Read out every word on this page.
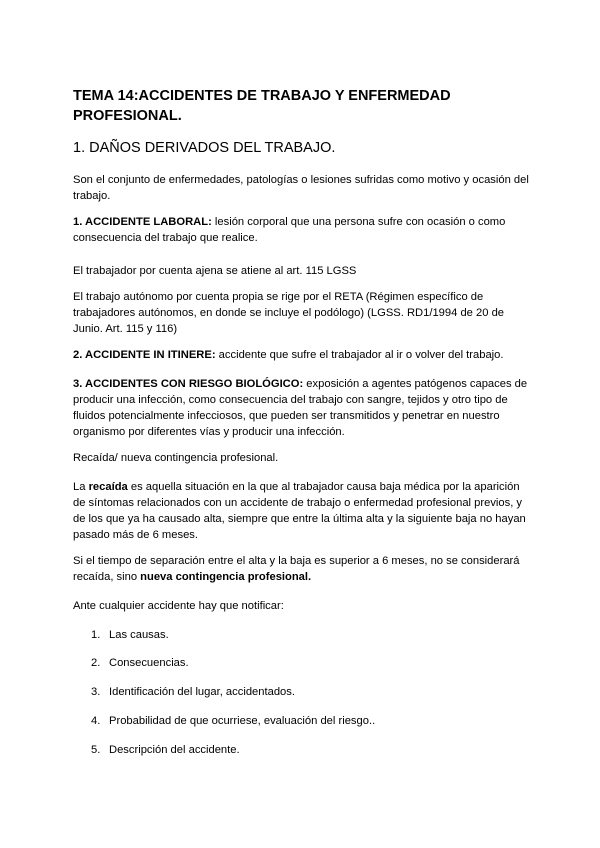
TEMA 14:ACCIDENTES DE TRABAJO Y ENFERMEDAD PROFESIONAL.
1. DAÑOS DERIVADOS DEL TRABAJO.

Son el conjunto de enfermedades, patologías o lesiones sufridas como motivo y ocasión del trabajo.

1. ACCIDENTE LABORAL: lesión corporal que una persona sufre con ocasión o como consecuencia del trabajo que realice.

El trabajador por cuenta ajena se atiene al art. 115 LGSS

El trabajo autónomo por cuenta propia se rige por el RETA (Régimen específico de trabajadores autónomos, en donde se incluye el podólogo) (LGSS. RD1/1994 de 20 de Junio. Art. 115 y 116)

2. ACCIDENTE IN ITINERE: accidente que sufre el trabajador al ir o volver del trabajo.

3. ACCIDENTES CON RIESGO BIOLÓGICO: exposición a agentes patógenos capaces de producir una infección, como consecuencia del trabajo con sangre, tejidos y otro tipo de fluidos potencialmente infecciosos, que pueden ser transmitidos y penetrar en nuestro organismo por diferentes vías y producir una infección.

Recaída/ nueva contingencia profesional.

La recaída es aquella situación en la que al trabajador causa baja médica por la aparición de síntomas relacionados con un accidente de trabajo o enfermedad profesional previos, y de los que ya ha causado alta, siempre que entre la última alta y la siguiente baja no hayan pasado más de 6 meses.

Si el tiempo de separación entre el alta y la baja es superior a 6 meses, no se considerará recaída, sino nueva contingencia profesional.

Ante cualquier accidente hay que notificar:

1. Las causas.
2. Consecuencias.
3. Identificación del lugar, accidentados.
4. Probabilidad de que ocurriese, evaluación del riesgo..
5. Descripción del accidente.
